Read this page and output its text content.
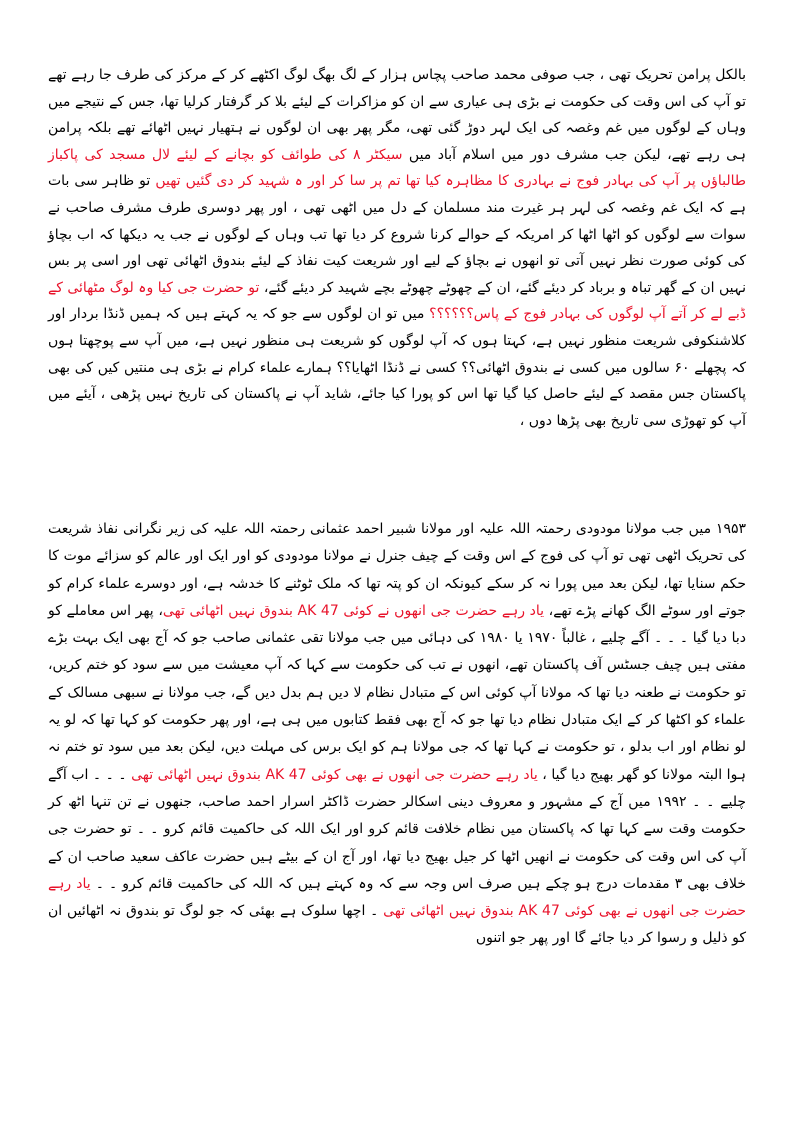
بالکل پرامن تحریک تھی ، جب صوفی محمد صاحب پچاس ہزار کے لگ بھگ لوگ اکٹھے کر کے مرکز کی طرف جا رہے تھے تو آپ کی اس وقت کی حکومت نے بڑی ہی عیاری سے ان کو مزاکرات کے لیئے بلا کر گرفتار کرلیا تھا، جس کے نتیجے میں وہاں کے لوگوں میں غم وغصہ کی ایک لہر دوڑ گئی تھی، مگر پھر بھی ان لوگوں نے ہتھیار نہیں اٹھائے تھے بلکہ پرامن ہی رہے تھے، لیکن جب مشرف دور میں اسلام آباد میں سیکٹر ۸ کی طوائف کو بچانے کے لیئے لال مسجد کی پاکباز طالباؤں پر آپ کی بہادر فوج نے بہادری کا مظاہرہ کیا تھا تم پر سا کر اور ہ شہید کر دی گئیں تھیں تو ظاہر سی بات ہے کہ ایک غم وغصہ کی لہر ہر غیرت مند مسلمان کے دل میں اٹھی تھی ، اور پھر دوسری طرف مشرف صاحب نے سوات سے لوگوں کو اٹھا اٹھا کر امریکہ کے حوالے کرنا شروع کر دیا تھا تب وہاں کے لوگوں نے جب یہ دیکھا کہ اب بچاؤ کی کوئی صورت نظر نہیں آتی تو انھوں نے بچاؤ کے لیے اور شریعت کیت نفاذ کے لیئے بندوق اٹھائی تھی اور اسی پر بس نہیں ان کے گھر تباہ و برباد کر دیئے گئے، ان کے چھوٹے چھوٹے بچے شہید کر دیئے گئے، تو حضرت جی کیا وہ لوگ مٹھائی کے ڈبے لے کر آتے آپ لوگوں کی بہادر فوج کے پاس؟؟؟؟؟؟ میں تو ان لوگوں سے جو کہ یہ کہتے ہیں کہ ہمیں ڈنڈا بردار اور کلاشنکوفی شریعت منظور نہیں ہے، کہتا ہوں کہ آپ لوگوں کو شریعت ہی منظور نہیں ہے، میں آپ سے پوچھتا ہوں کہ پچھلے ۶۰ سالوں میں کسی نے بندوق اٹھائی؟؟ کسی نے ڈنڈا اٹھایا؟؟ ہمارے علماء کرام نے بڑی ہی منتیں کیں کی بھی پاکستان جس مقصد کے لیئے حاصل کیا گیا تھا اس کو پورا کیا جائے، شاید آپ نے پاکستان کی تاریخ نہیں پڑھی ، آیئے میں آپ کو تھوڑی سی تاریخ بھی پڑھا دوں ،
۱۹۵۳ میں جب مولانا مودودی رحمتہ اللہ علیہ اور مولانا شبیر احمد عثمانی رحمتہ اللہ علیہ کی زیر نگرانی نفاذ شریعت کی تحریک اٹھی تھی تو آپ کی فوج کے اس وقت کے چیف جنرل نے مولانا مودودی کو اور ایک اور عالم کو سزائے موت کا حکم سنایا تھا، لیکن بعد میں پورا نہ کر سکے کیونکہ ان کو پتہ تھا کہ ملک ٹوٹنے کا خدشہ ہے، اور دوسرے علماء کرام کو جوتے اور سوٹے الگ کھانے پڑے تھے، یاد رہے حضرت جی انھوں نے کوئی AK 47 بندوق نہیں اٹھائی تھی، پھر اس معاملے کو دبا دیا گیا ۔ ۔ ۔ آگے چلیے ، غالباً ۱۹۷۰ یا ۱۹۸۰ کی دہائی میں جب مولانا تقی عثمانی صاحب جو کہ آج بھی ایک بہت بڑے مفتی ہیں چیف جسٹس آف پاکستان تھے، انھوں نے تب کی حکومت سے کہا کہ آپ معیشت میں سے سود کو ختم کریں، تو حکومت نے طعنہ دیا تھا کہ مولانا آپ کوئی اس کے متبادل نظام لا دیں ہم بدل دیں گے، جب مولانا نے سبھی مسالک کے علماء کو اکٹھا کر کے ایک متبادل نظام دیا تھا جو کہ آج بھی فقط کتابوں میں ہی ہے، اور پھر حکومت کو کہا تھا کہ لو یہ لو نظام اور اب بدلو ، تو حکومت نے کہا تھا کہ جی مولانا ہم کو ایک برس کی مہلت دیں، لیکن بعد میں سود تو ختم نہ ہوا البتہ مولانا کو گھر بھیج دیا گیا ، یاد رہے حضرت جی انھوں نے بھی کوئی AK 47 بندوق نہیں اٹھائی تھی ۔ ۔ ۔ اب آگے چلیے ۔ ۔ ۱۹۹۲ میں آج کے مشہور و معروف دینی اسکالر حضرت ڈاکٹر اسرار احمد صاحب، جنھوں نے تن تنہا اٹھ کر حکومت وقت سے کہا تھا کہ پاکستان میں نظام خلافت قائم کرو اور ایک اللہ کی حاکمیت قائم کرو ۔ ۔ تو حضرت جی آپ کی اس وقت کی حکومت نے انھیں اٹھا کر جیل بھیج دیا تھا، اور آج ان کے بیٹے ہیں حضرت عاکف سعید صاحب ان کے خلاف بھی ۳ مقدمات درج ہو چکے ہیں صرف اس وجہ سے کہ وہ کہتے ہیں کہ اللہ کی حاکمیت قائم کرو ۔ ۔ یاد رہے حضرت جی انھوں نے بھی کوئی AK 47 بندوق نہیں اٹھائی تھی ۔ اچھا سلوک ہے بھئی کہ جو لوگ تو بندوق نہ اٹھائیں ان کو ذلیل و رسوا کر دیا جائے گا اور پھر جو اتنوں
